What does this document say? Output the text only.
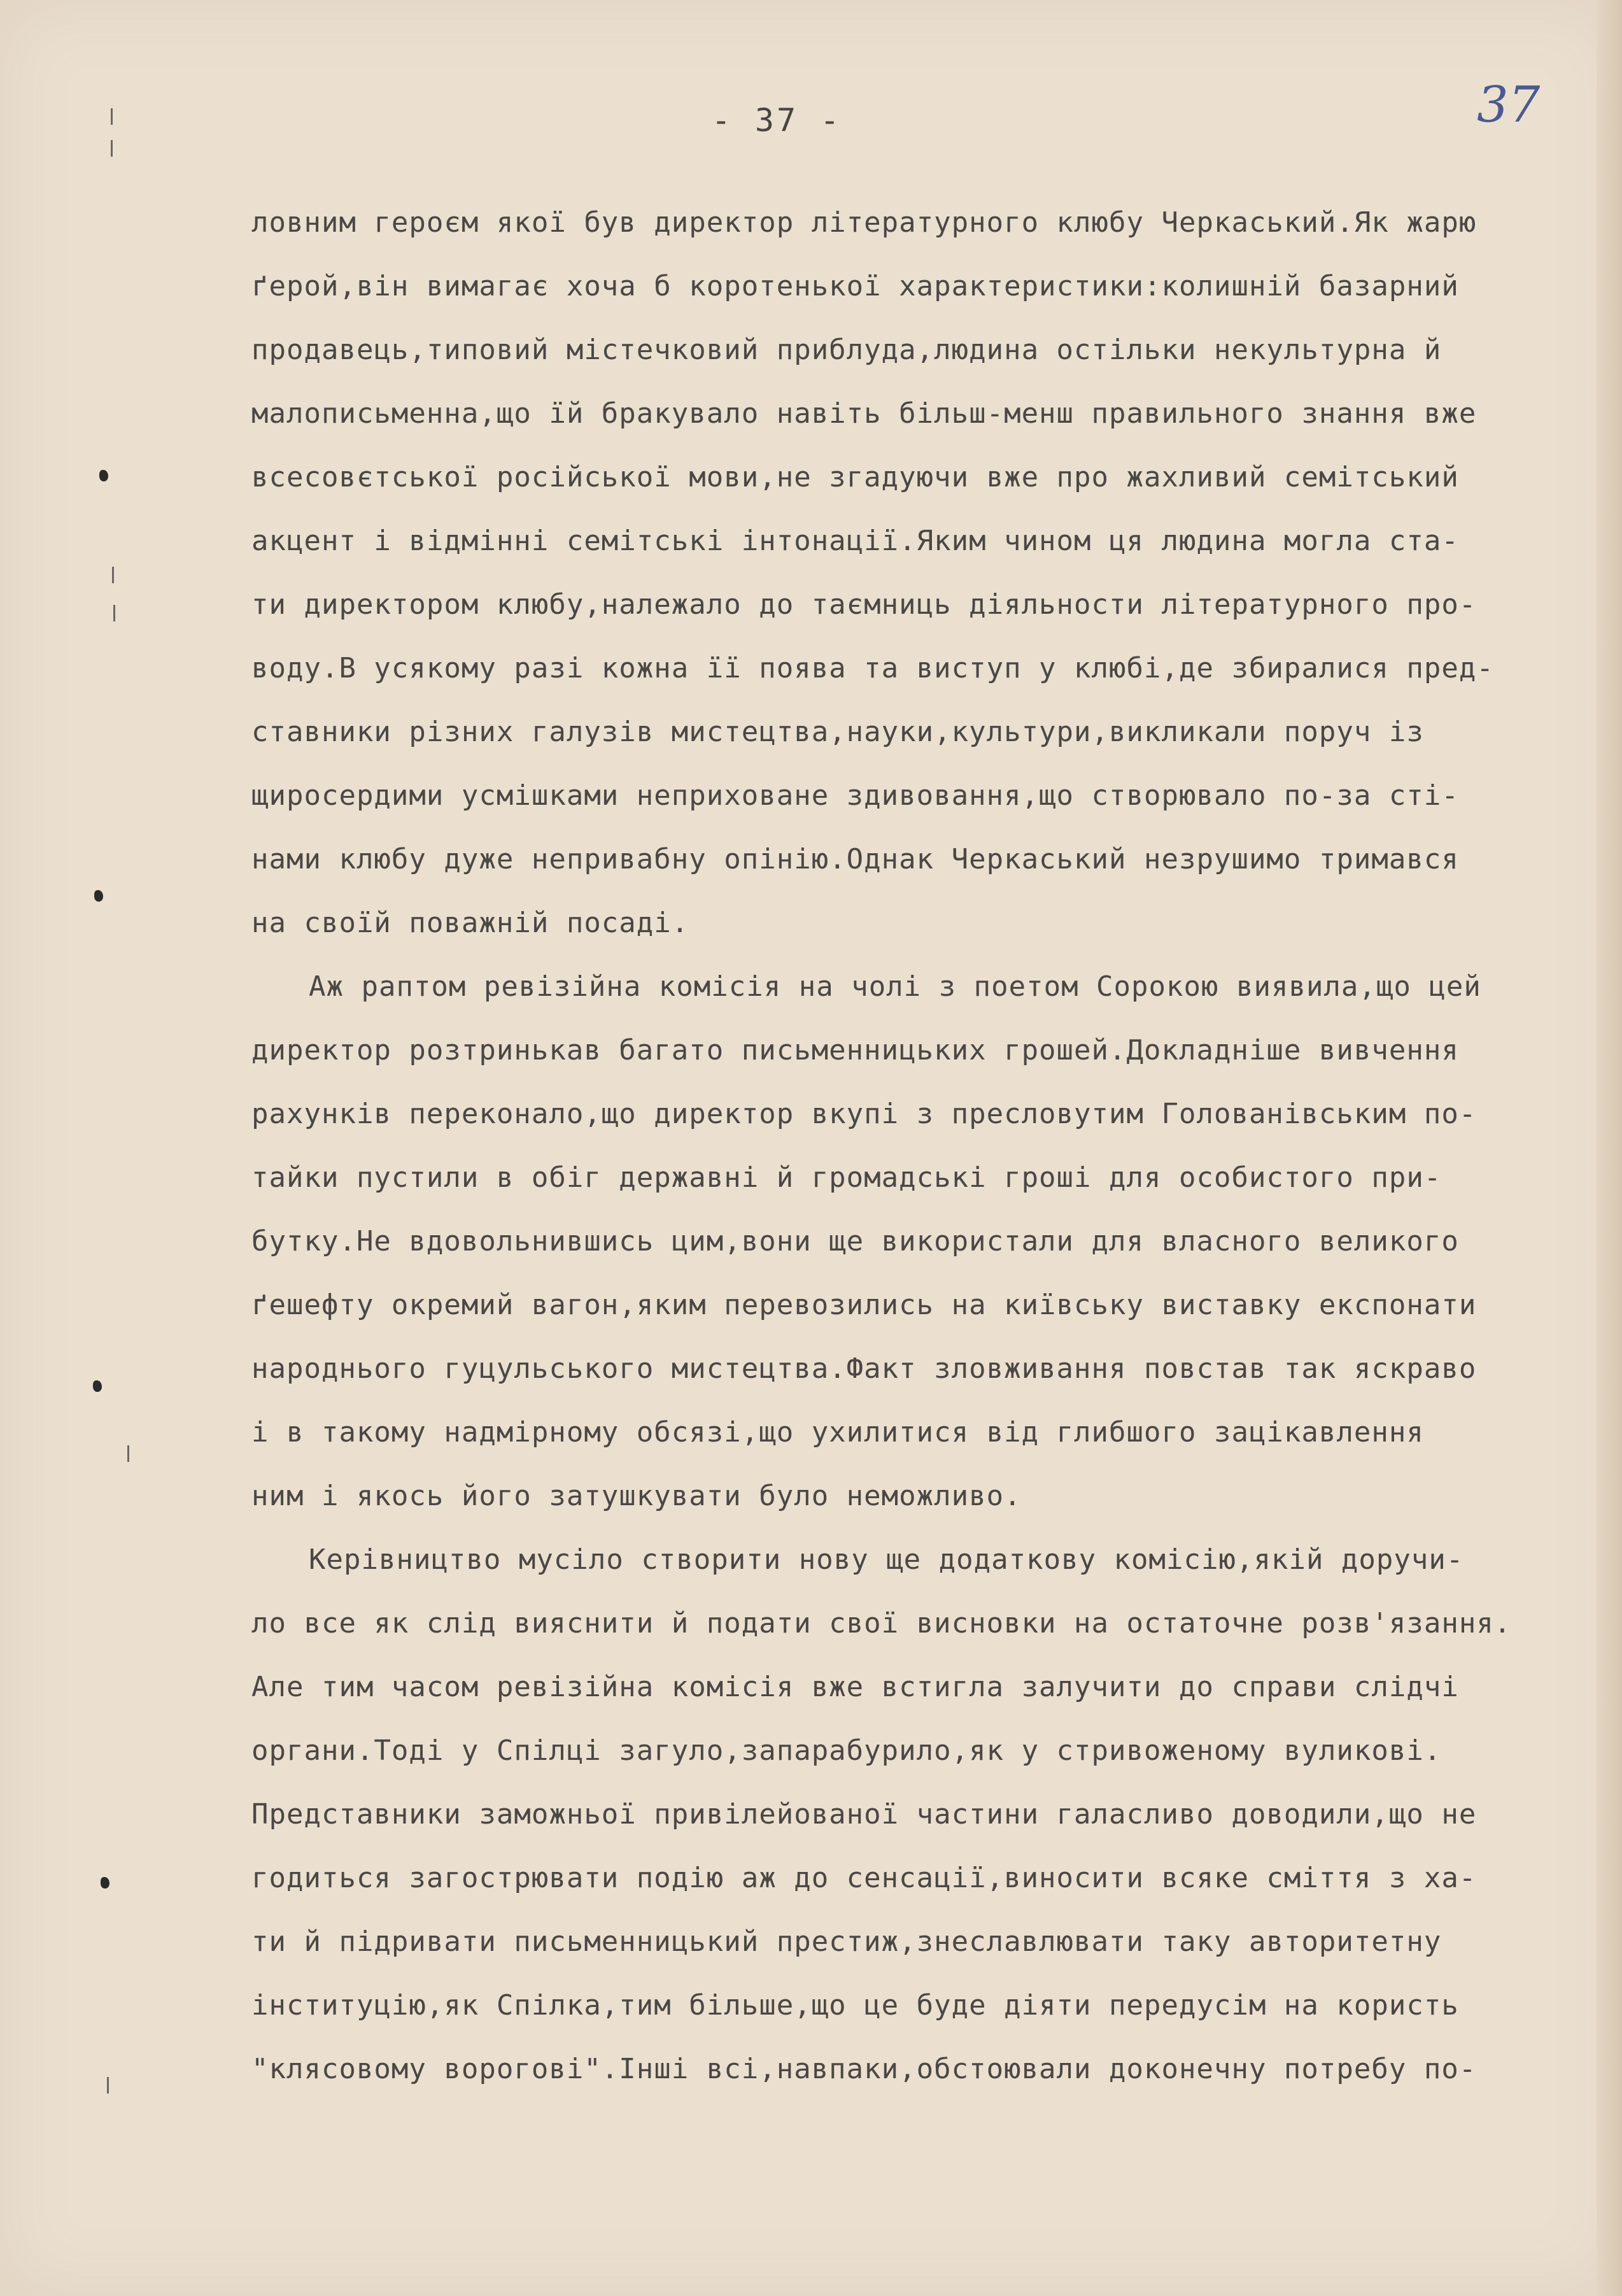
- 37 -	37
ловним героєм якої був директор літературного клюбу Черкаський.Як жарю
ґерой,він вимагає хоча б коротенької характеристики:колишній базарний
продавець,типовий містечковий приблуда,людина остільки некультурна й
малописьменна,що їй бракувало навіть більш-менш правильного знання вже
всесовєтської російської мови,не згадуючи вже про жахливий семітський
акцент і відмінні семітські інтонації.Яким чином ця людина могла ста-
ти директором клюбу,належало до таємниць діяльности літературного про-
воду.В усякому разі кожна її поява та виступ у клюбі,де збиралися пред-
ставники різних галузів мистецтва,науки,культури,викликали поруч із
щиросердими усмішками неприховане здивовання,що створювало по-за сті-
нами клюбу дуже непривабну опінію.Однак Черкаський незрушимо тримався
на своїй поважній посаді.
Аж раптом ревізійна комісія на чолі з поетом Сорокою виявила,що цей
директор розтринькав багато письменницьких грошей.Докладніше вивчення
рахунків переконало,що директор вкупі з пресловутим Голованівським по-
тайки пустили в обіг державні й громадські гроші для особистого при-
бутку.Не вдовольнившись цим,вони ще використали для власного великого
ґешефту окремий вагон,яким перевозились на київську виставку експонати
народнього гуцульського мистецтва.Факт зловживання повстав так яскраво
і в такому надмірному обсязі,що ухилитися від глибшого зацікавлення
ним і якось його затушкувати було неможливо.
Керівництво мусіло створити нову ще додаткову комісію,якій доручи-
ло все як слід вияснити й подати свої висновки на остаточне розв'язання.
Але тим часом ревізійна комісія вже встигла залучити до справи слідчі
органи.Тоді у Спілці загуло,запарабурило,як у стривоженому вуликові.
Представники заможньої привілейованої частини галасливо доводили,що не
годиться загострювати подію аж до сенсації,виносити всяке сміття з ха-
ти й підривати письменницький престиж,знеславлювати таку авторитетну
інституцію,як Спілка,тим більше,що це буде діяти передусім на користь
"клясовому ворогові".Інші всі,навпаки,обстоювали доконечну потребу по-
